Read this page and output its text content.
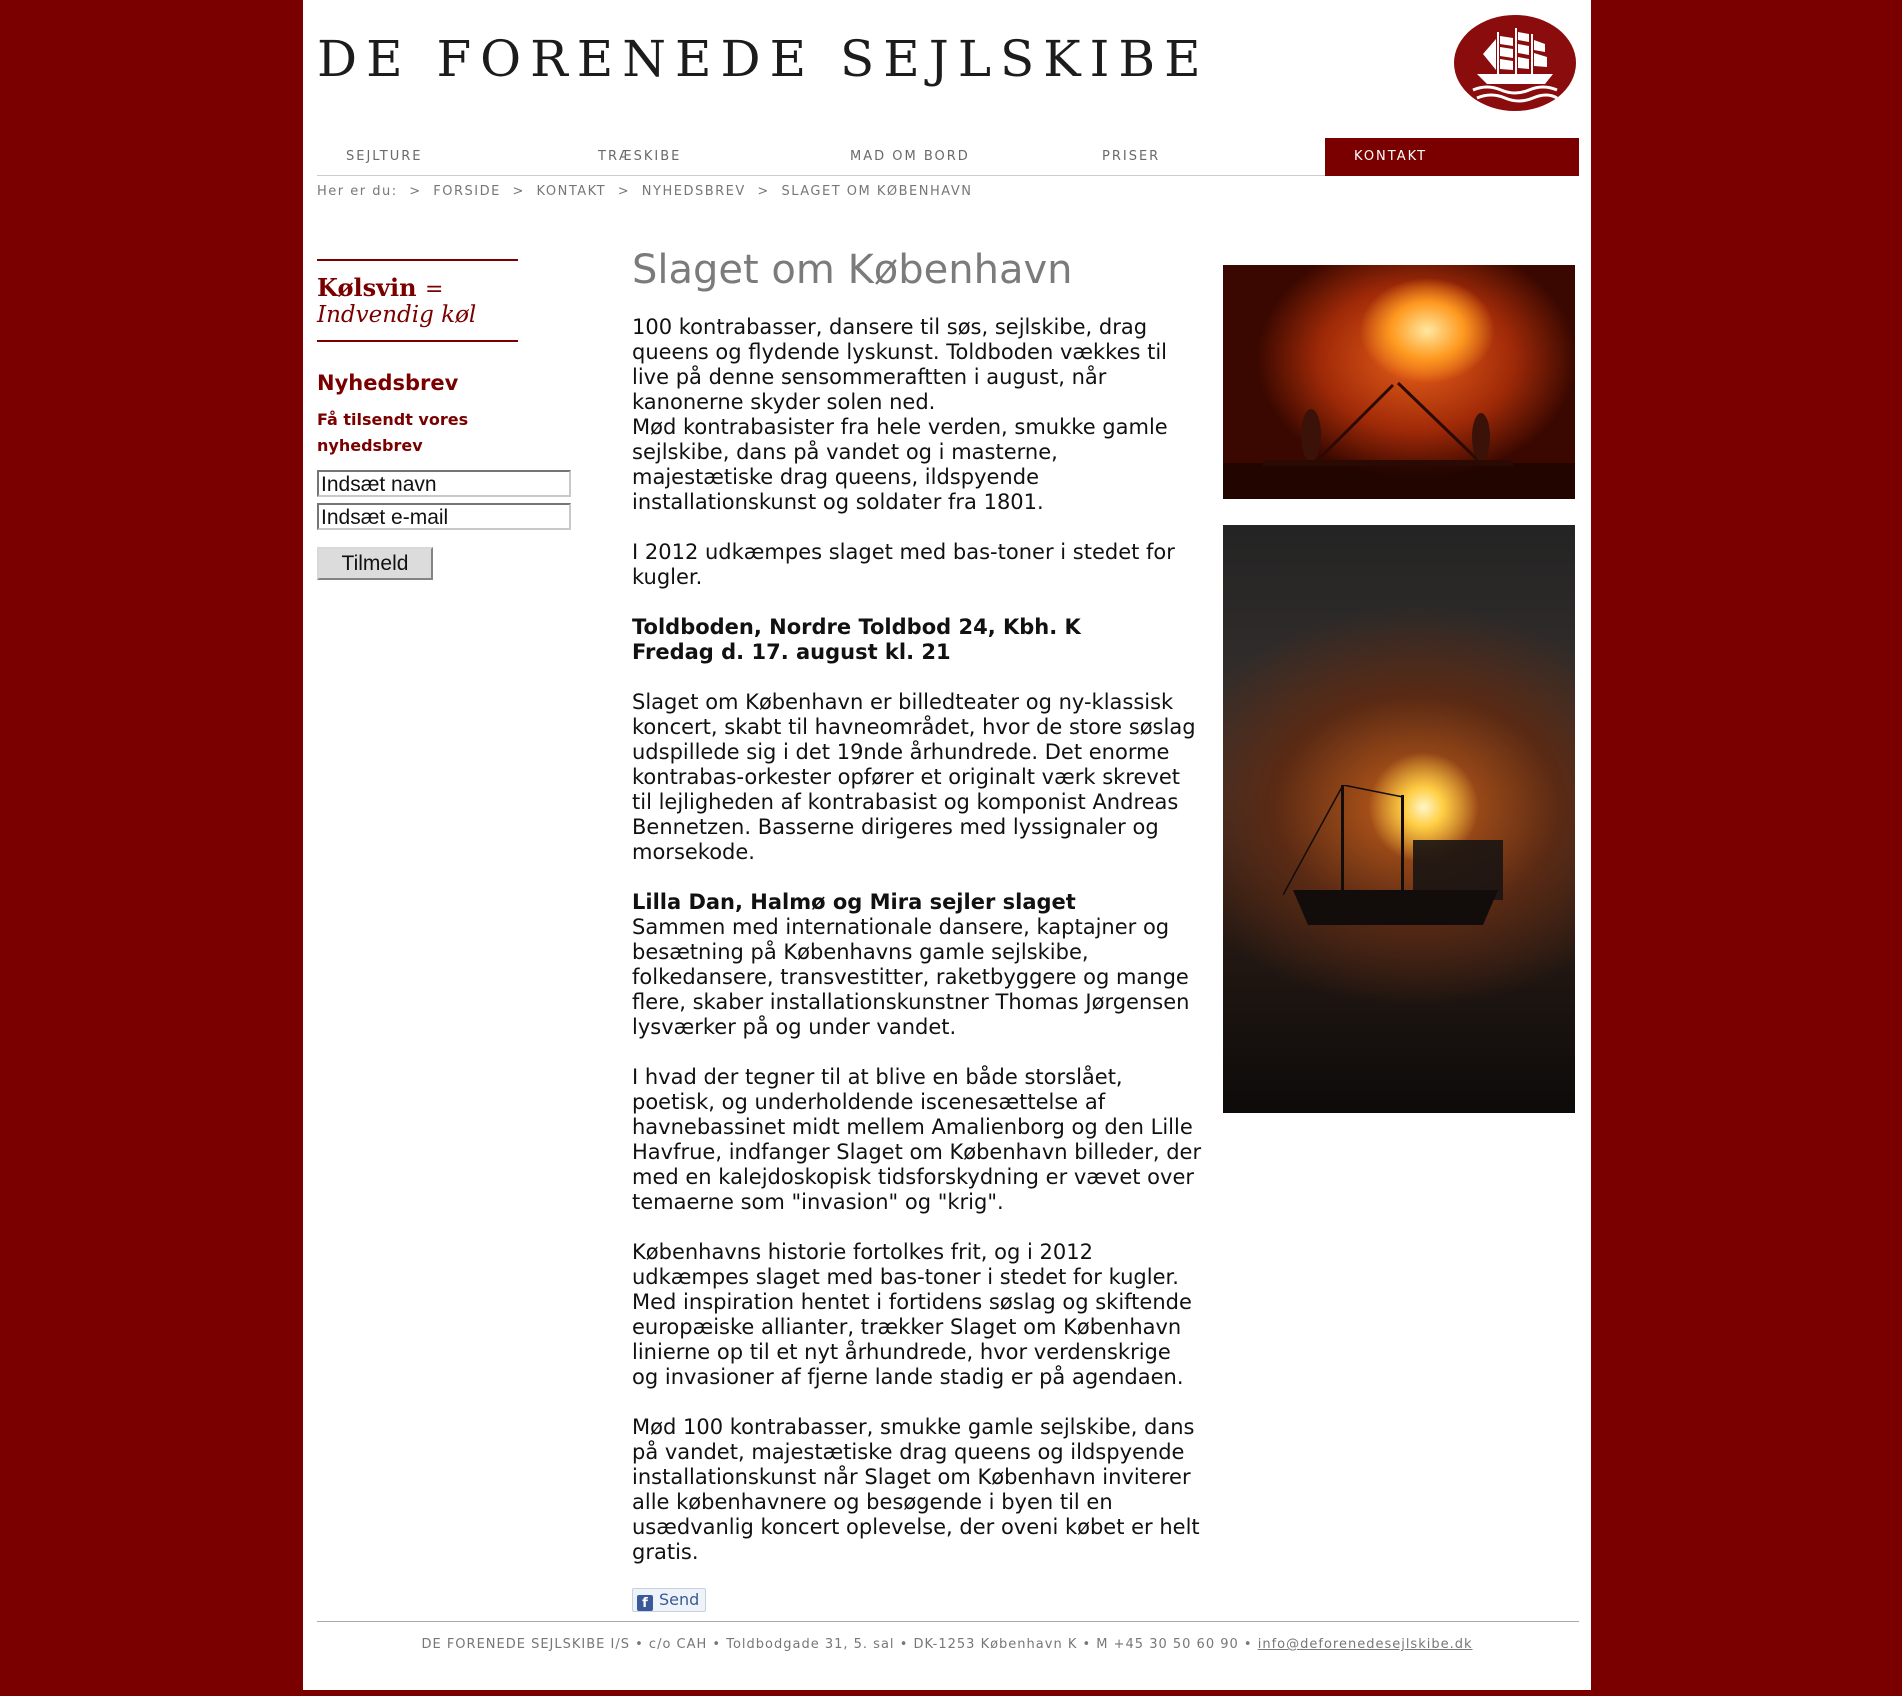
DE FORENEDE SEJLSKIBE
SEJLTURE	TRÆSKIBE	MAD OM BORD	PRISER	KONTAKT
Her er du: > FORSIDE > KONTAKT > NYHEDSBREV > SLAGET OM KØBENHAVN
Kølsvin =
Indvendig køl
Nyhedsbrev
Få tilsendt vores nyhedsbrev
Indsæt navn
Indsæt e-mail
Tilmeld
Slaget om København

100 kontrabasser, dansere til søs, sejlskibe, drag queens og flydende lyskunst. Toldboden vækkes til live på denne sensommeraftten i august, når kanonerne skyder solen ned.
Mød kontrabasister fra hele verden, smukke gamle sejlskibe, dans på vandet og i masterne, majestætiske drag queens, ildspyende installationskunst og soldater fra 1801.

I 2012 udkæmpes slaget med bas-toner i stedet for kugler.

Toldboden, Nordre Toldbod 24, Kbh. K
Fredag d. 17. august kl. 21

Slaget om København er billedteater og ny-klassisk koncert, skabt til havneområdet, hvor de store søslag udspillede sig i det 19nde århundrede. Det enorme kontrabas-orkester opfører et originalt værk skrevet til lejligheden af kontrabasist og komponist Andreas Bennetzen. Basserne dirigeres med lyssignaler og morsekode.

Lilla Dan, Halmø og Mira sejler slaget
Sammen med internationale dansere, kaptajner og besætning på Københavns gamle sejlskibe, folkedansere, transvestitter, raketbyggere og mange flere, skaber installationskunstner Thomas Jørgensen lysværker på og under vandet.

I hvad der tegner til at blive en både storslået, poetisk, og underholdende iscenesættelse af havnebassinet midt mellem Amalienborg og den Lille Havfrue, indfanger Slaget om København billeder, der med en kalejdoskopisk tidsforskydning er vævet over temaerne som "invasion" og "krig".

Københavns historie fortolkes frit, og i 2012 udkæmpes slaget med bas-toner i stedet for kugler. Med inspiration hentet i fortidens søslag og skiftende europæiske allianter, trækker Slaget om København linierne op til et nyt århundrede, hvor verdenskrige og invasioner af fjerne lande stadig er på agendaen.

Mød 100 kontrabasser, smukke gamle sejlskibe, dans på vandet, majestætiske drag queens og ildspyende installationskunst når Slaget om København inviterer alle københavnere og besøgende i byen til en usædvanlig koncert oplevelse, der oveni købet er helt gratis.

f Send
DE FORENEDE SEJLSKIBE I/S • c/o CAH • Toldbodgade 31, 5. sal • DK-1253 København K • M +45 30 50 60 90 • info@deforenedesejlskibe.dk
